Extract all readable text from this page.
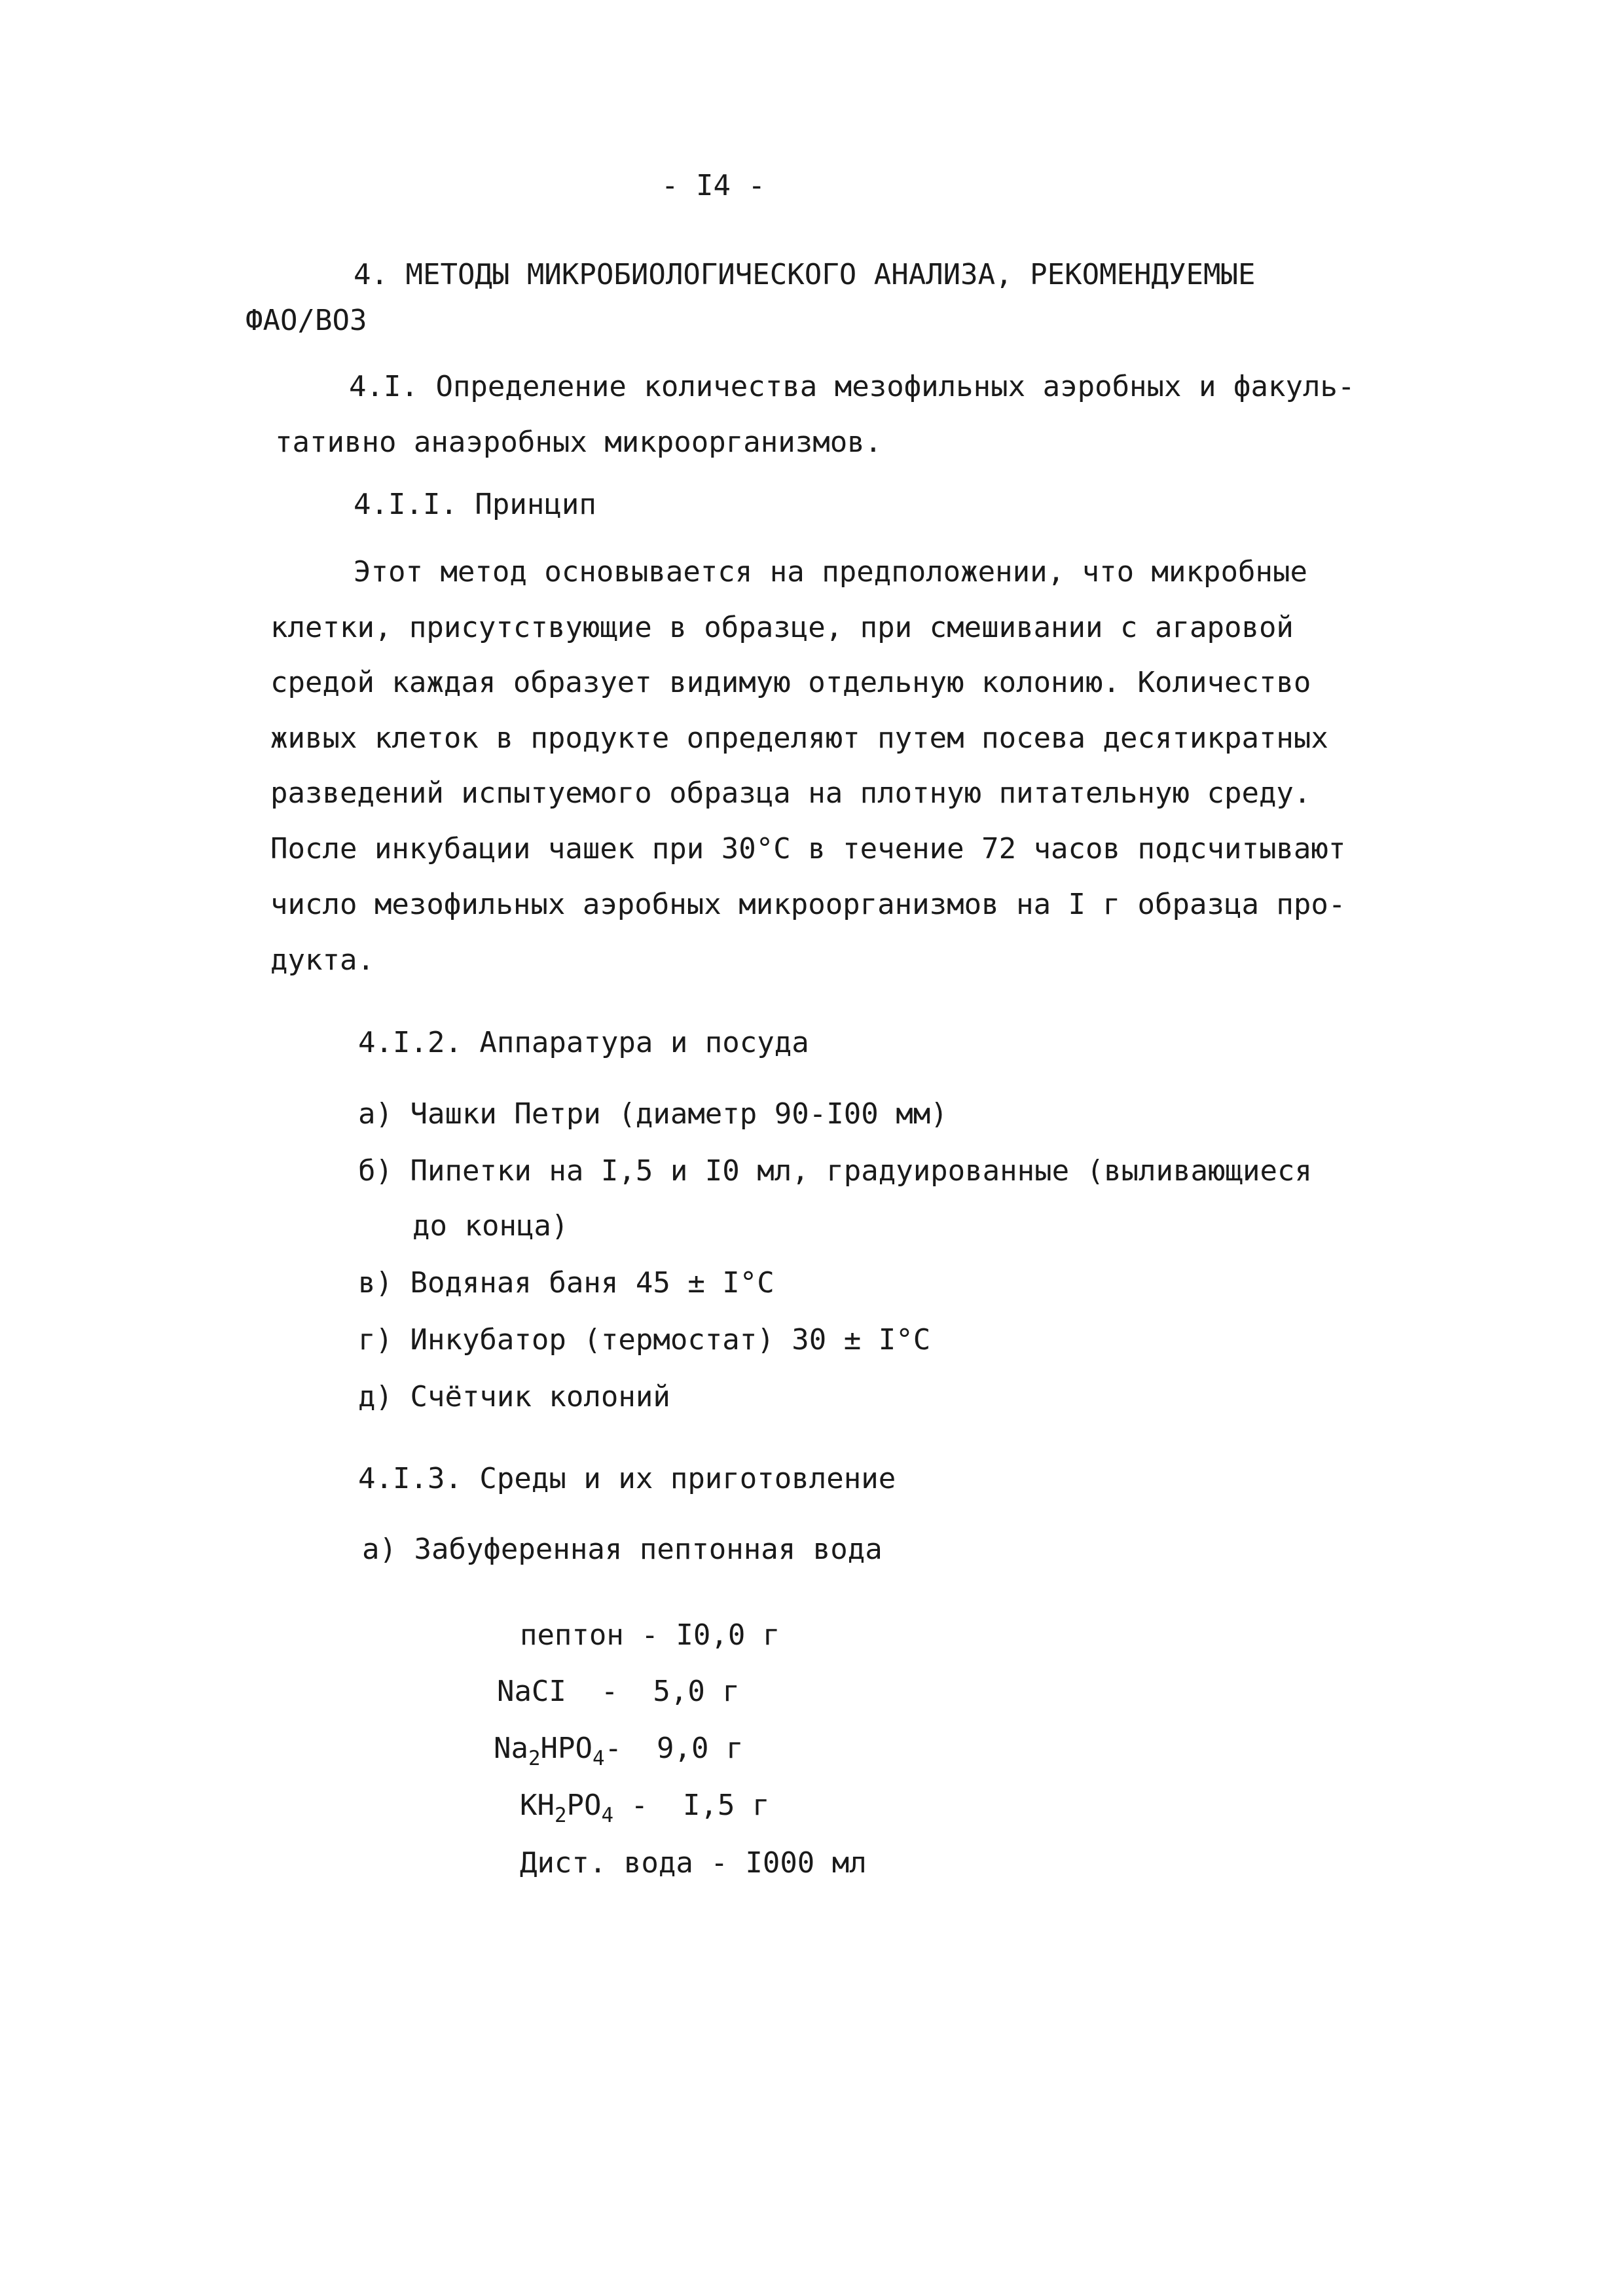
- I4 -
4. МЕТОДЫ МИКРОБИОЛОГИЧЕСКОГО АНАЛИЗА, РЕКОМЕНДУЕМЫЕ
ФАО/ВОЗ
4.I. Определение количества мезофильных аэробных и факуль-
тативно анаэробных микроорганизмов.
4.I.I. Принцип
Этот метод основывается на предположении, что микробные
клетки, присутствующие в образце, при смешивании с агаровой
средой каждая образует видимую отдельную колонию. Количество
живых клеток в продукте определяют путем посева десятикратных
разведений испытуемого образца на плотную питательную среду.
После инкубации чашек при 30°С в течение 72 часов подсчитывают
число мезофильных аэробных микроорганизмов на I г образца про-
дукта.
4.I.2. Аппаратура и посуда
а) Чашки Петри (диаметр 90-I00 мм)
б) Пипетки на I,5 и I0 мл, градуированные (выливающиеся
до конца)
в) Водяная баня 45 ± I°С
г) Инкубатор (термостат) 30 ± I°С
д) Счётчик колоний
4.I.3. Среды и их приготовление
а) Забуференная пептонная вода

пептон - I0,0 г

NaCI -  5,0 г

$Na_2HPO_4-$  9,0 г

$KH_2PO_4 - I,5$ г

Дист. вода - I000 мл
